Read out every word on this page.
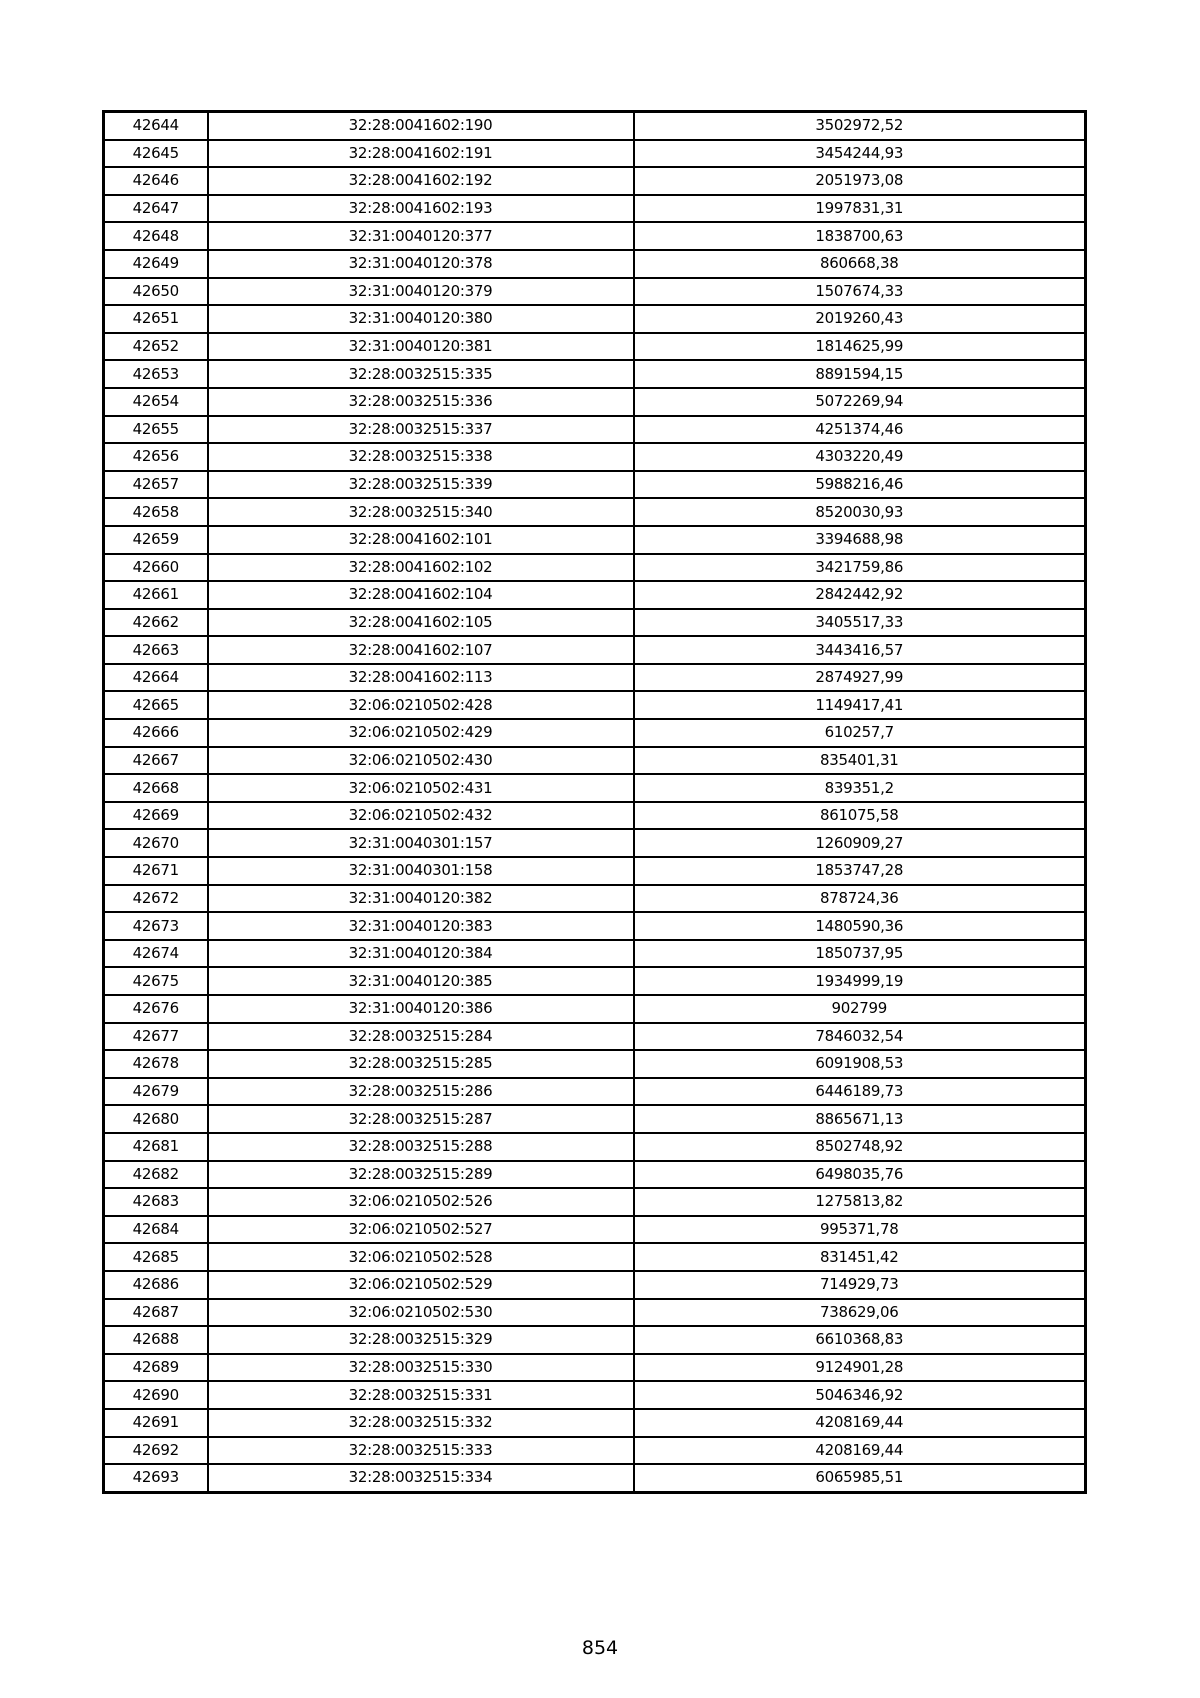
42644	32:28:0041602:190	3502972,52
42645	32:28:0041602:191	3454244,93
42646	32:28:0041602:192	2051973,08
42647	32:28:0041602:193	1997831,31
42648	32:31:0040120:377	1838700,63
42649	32:31:0040120:378	860668,38
42650	32:31:0040120:379	1507674,33
42651	32:31:0040120:380	2019260,43
42652	32:31:0040120:381	1814625,99
42653	32:28:0032515:335	8891594,15
42654	32:28:0032515:336	5072269,94
42655	32:28:0032515:337	4251374,46
42656	32:28:0032515:338	4303220,49
42657	32:28:0032515:339	5988216,46
42658	32:28:0032515:340	8520030,93
42659	32:28:0041602:101	3394688,98
42660	32:28:0041602:102	3421759,86
42661	32:28:0041602:104	2842442,92
42662	32:28:0041602:105	3405517,33
42663	32:28:0041602:107	3443416,57
42664	32:28:0041602:113	2874927,99
42665	32:06:0210502:428	1149417,41
42666	32:06:0210502:429	610257,7
42667	32:06:0210502:430	835401,31
42668	32:06:0210502:431	839351,2
42669	32:06:0210502:432	861075,58
42670	32:31:0040301:157	1260909,27
42671	32:31:0040301:158	1853747,28
42672	32:31:0040120:382	878724,36
42673	32:31:0040120:383	1480590,36
42674	32:31:0040120:384	1850737,95
42675	32:31:0040120:385	1934999,19
42676	32:31:0040120:386	902799
42677	32:28:0032515:284	7846032,54
42678	32:28:0032515:285	6091908,53
42679	32:28:0032515:286	6446189,73
42680	32:28:0032515:287	8865671,13
42681	32:28:0032515:288	8502748,92
42682	32:28:0032515:289	6498035,76
42683	32:06:0210502:526	1275813,82
42684	32:06:0210502:527	995371,78
42685	32:06:0210502:528	831451,42
42686	32:06:0210502:529	714929,73
42687	32:06:0210502:530	738629,06
42688	32:28:0032515:329	6610368,83
42689	32:28:0032515:330	9124901,28
42690	32:28:0032515:331	5046346,92
42691	32:28:0032515:332	4208169,44
42692	32:28:0032515:333	4208169,44
42693	32:28:0032515:334	6065985,51
854
